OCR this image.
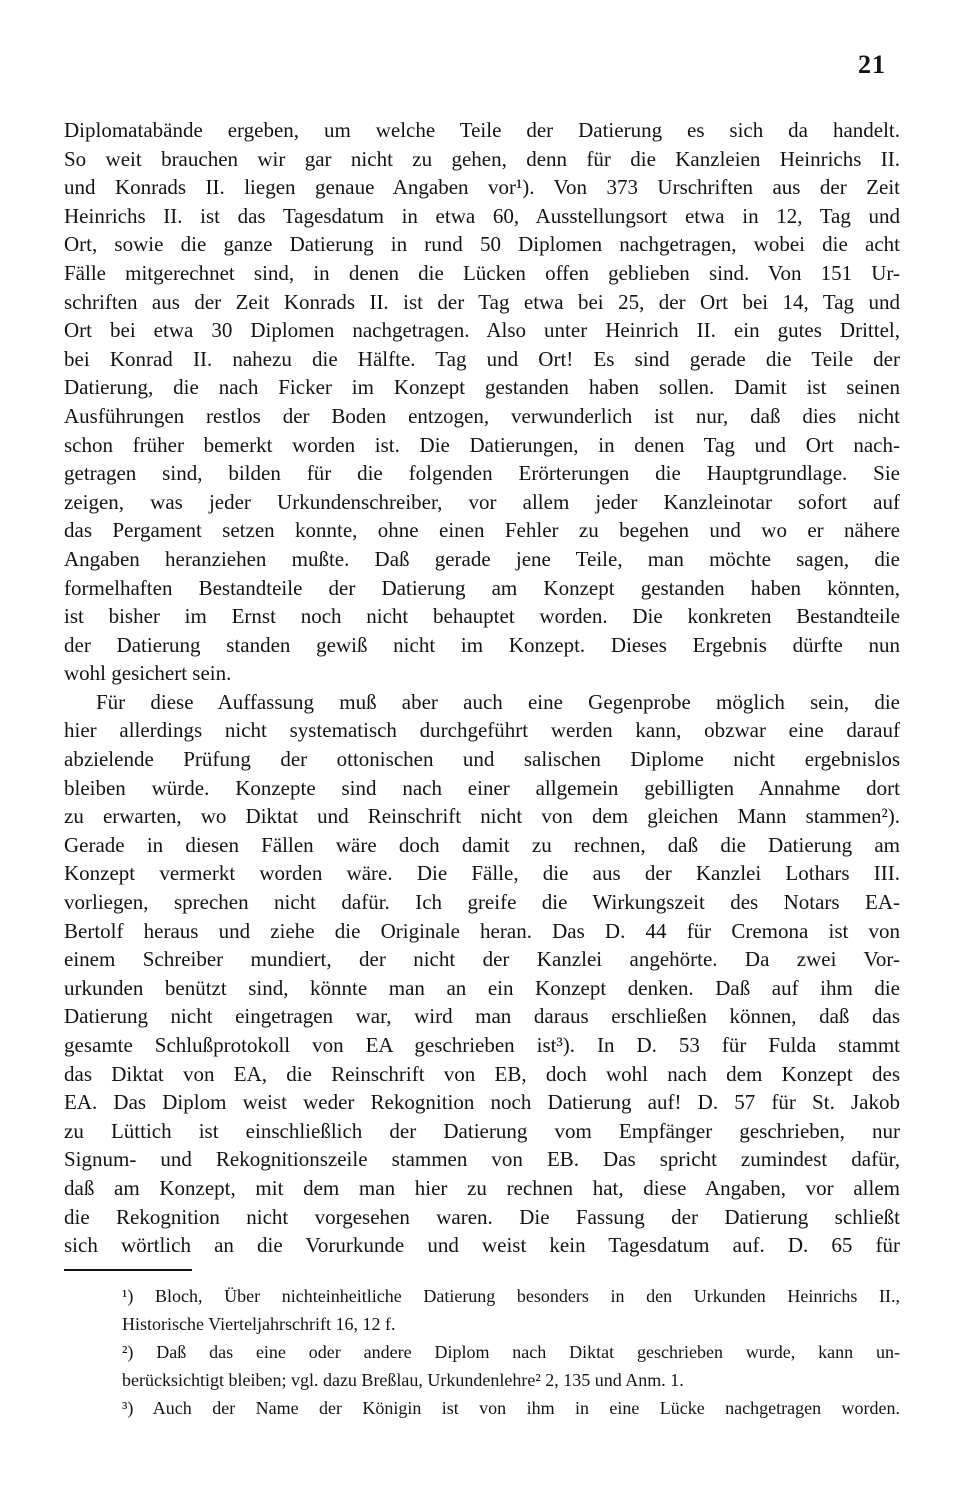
21
Diplomatabände ergeben, um welche Teile der Datierung es sich da handelt.
So weit brauchen wir gar nicht zu gehen, denn für die Kanzleien Heinrichs II.
und Konrads II. liegen genaue Angaben vor¹). Von 373 Urschriften aus der Zeit
Heinrichs II. ist das Tagesdatum in etwa 60, Ausstellungsort etwa in 12, Tag und
Ort, sowie die ganze Datierung in rund 50 Diplomen nachgetragen, wobei die acht
Fälle mitgerechnet sind, in denen die Lücken offen geblieben sind. Von 151 Ur-
schriften aus der Zeit Konrads II. ist der Tag etwa bei 25, der Ort bei 14, Tag und
Ort bei etwa 30 Diplomen nachgetragen. Also unter Heinrich II. ein gutes Drittel,
bei Konrad II. nahezu die Hälfte. Tag und Ort! Es sind gerade die Teile der
Datierung, die nach Ficker im Konzept gestanden haben sollen. Damit ist seinen
Ausführungen restlos der Boden entzogen, verwunderlich ist nur, daß dies nicht
schon früher bemerkt worden ist. Die Datierungen, in denen Tag und Ort nach-
getragen sind, bilden für die folgenden Erörterungen die Hauptgrundlage. Sie
zeigen, was jeder Urkundenschreiber, vor allem jeder Kanzleinotar sofort auf
das Pergament setzen konnte, ohne einen Fehler zu begehen und wo er nähere
Angaben heranziehen mußte. Daß gerade jene Teile, man möchte sagen, die
formelhaften Bestandteile der Datierung am Konzept gestanden haben könnten,
ist bisher im Ernst noch nicht behauptet worden. Die konkreten Bestandteile
der Datierung standen gewiß nicht im Konzept. Dieses Ergebnis dürfte nun
wohl gesichert sein.
Für diese Auffassung muß aber auch eine Gegenprobe möglich sein, die
hier allerdings nicht systematisch durchgeführt werden kann, obzwar eine darauf
abzielende Prüfung der ottonischen und salischen Diplome nicht ergebnislos
bleiben würde. Konzepte sind nach einer allgemein gebilligten Annahme dort
zu erwarten, wo Diktat und Reinschrift nicht von dem gleichen Mann stammen²).
Gerade in diesen Fällen wäre doch damit zu rechnen, daß die Datierung am
Konzept vermerkt worden wäre. Die Fälle, die aus der Kanzlei Lothars III.
vorliegen, sprechen nicht dafür. Ich greife die Wirkungszeit des Notars EA-
Bertolf heraus und ziehe die Originale heran. Das D. 44 für Cremona ist von
einem Schreiber mundiert, der nicht der Kanzlei angehörte. Da zwei Vor-
urkunden benützt sind, könnte man an ein Konzept denken. Daß auf ihm die
Datierung nicht eingetragen war, wird man daraus erschließen können, daß das
gesamte Schlußprotokoll von EA geschrieben ist³). In D. 53 für Fulda stammt
das Diktat von EA, die Reinschrift von EB, doch wohl nach dem Konzept des
EA. Das Diplom weist weder Rekognition noch Datierung auf! D. 57 für St. Jakob
zu Lüttich ist einschließlich der Datierung vom Empfänger geschrieben, nur
Signum- und Rekognitionszeile stammen von EB. Das spricht zumindest dafür,
daß am Konzept, mit dem man hier zu rechnen hat, diese Angaben, vor allem
die Rekognition nicht vorgesehen waren. Die Fassung der Datierung schließt
sich wörtlich an die Vorurkunde und weist kein Tagesdatum auf. D. 65 für
¹) Bloch, Über nichteinheitliche Datierung besonders in den Urkunden Heinrichs II.,
Historische Vierteljahrschrift 16, 12 f.
²) Daß das eine oder andere Diplom nach Diktat geschrieben wurde, kann un-
berücksichtigt bleiben; vgl. dazu Breßlau, Urkundenlehre² 2, 135 und Anm. 1.
³) Auch der Name der Königin ist von ihm in eine Lücke nachgetragen worden.
